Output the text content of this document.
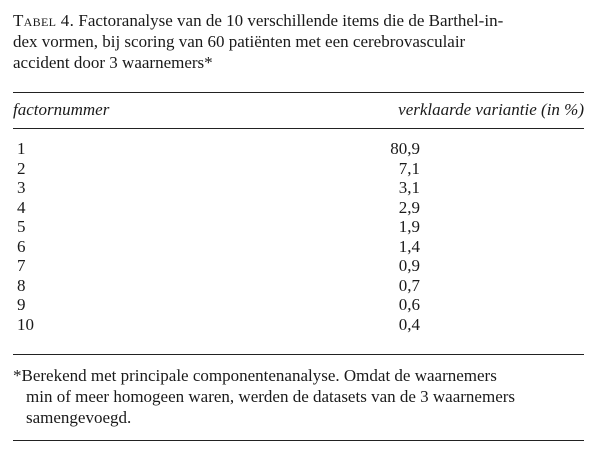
Tabel 4. Factoranalyse van de 10 verschillende items die de Barthel-in-
dex vormen, bij scoring van 60 patiënten met een cerebrovasculair
accident door 3 waarnemers*
factornummer	verklaarde variantie (in %)
1	80,9
2	7,1
3	3,1
4	2,9
5	1,9
6	1,4
7	0,9
8	0,7
9	0,6
10	0,4
*Berekend met principale componentenanalyse. Omdat de waarnemers
min of meer homogeen waren, werden de datasets van de 3 waarnemers
samengevoegd.
